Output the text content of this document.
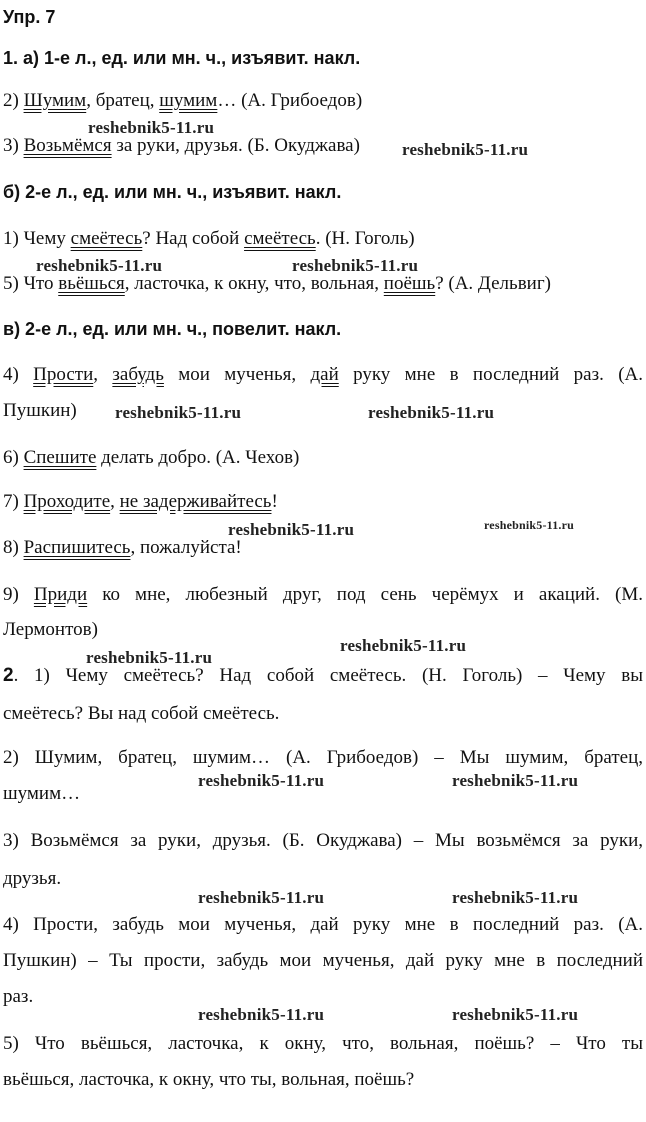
Упр. 7
1. а) 1-е л., ед. или мн. ч., изъявит. накл.
2) Шумим, братец, шумим… (А. Грибоедов)
3) Возьмёмся за руки, друзья. (Б. Окуджава)
б) 2-е л., ед. или мн. ч., изъявит. накл.
1) Чему смеётесь? Над собой смеётесь. (Н. Гоголь)
5) Что вьёшься, ласточка, к окну, что, вольная, поёшь? (А. Дельвиг)
в) 2-е л., ед. или мн. ч., повелит. накл.
4) Прости, забудь мои мученья, дай руку мне в последний раз. (А.
Пушкин)
6) Спешите делать добро. (А. Чехов)
7) Проходите, не задерживайтесь!
8) Распишитесь, пожалуйста!
9) Приди ко мне, любезный друг, под сень черёмух и акаций. (М.
Лермонтов)
2. 1) Чему смеётесь? Над собой смеётесь. (Н. Гоголь) – Чему вы
смеётесь? Вы над собой смеётесь.
2) Шумим, братец, шумим… (А. Грибоедов) – Мы шумим, братец,
шумим…
3) Возьмёмся за руки, друзья. (Б. Окуджава) – Мы возьмёмся за руки,
друзья.
4) Прости, забудь мои мученья, дай руку мне в последний раз. (А.
Пушкин) – Ты прости, забудь мои мученья, дай руку мне в последний
раз.
5) Что вьёшься, ласточка, к окну, что, вольная, поёшь? – Что ты
вьёшься, ласточка, к окну, что ты, вольная, поёшь?
reshebnik5-11.ru
reshebnik5-11.ru
reshebnik5-11.ru	reshebnik5-11.ru
reshebnik5-11.ru	reshebnik5-11.ru
reshebnik5-11.ru	reshebnik5-11.ru
reshebnik5-11.ru
reshebnik5-11.ru
reshebnik5-11.ru	reshebnik5-11.ru
reshebnik5-11.ru	reshebnik5-11.ru
reshebnik5-11.ru	reshebnik5-11.ru
